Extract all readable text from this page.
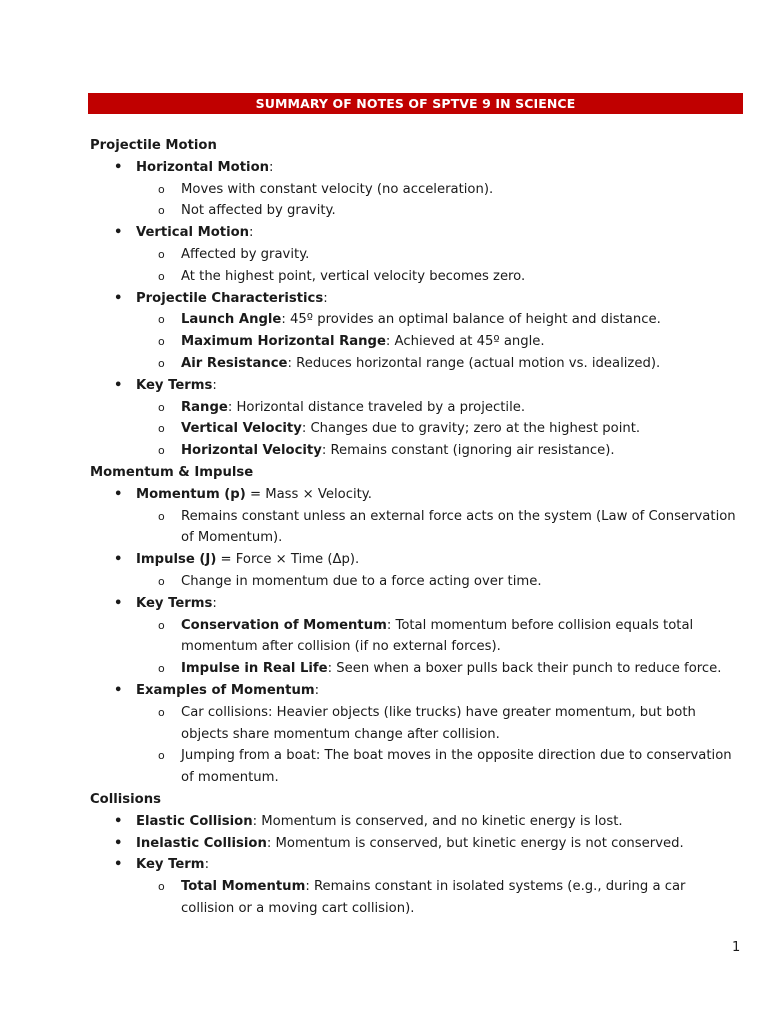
SUMMARY OF NOTES OF SPTVE 9 IN SCIENCE
Projectile Motion
• Horizontal Motion:
o Moves with constant velocity (no acceleration).
o Not affected by gravity.
• Vertical Motion:
o Affected by gravity.
o At the highest point, vertical velocity becomes zero.
• Projectile Characteristics:
o Launch Angle: 45º provides an optimal balance of height and distance.
o Maximum Horizontal Range: Achieved at 45º angle.
o Air Resistance: Reduces horizontal range (actual motion vs. idealized).
• Key Terms:
o Range: Horizontal distance traveled by a projectile.
o Vertical Velocity: Changes due to gravity; zero at the highest point.
o Horizontal Velocity: Remains constant (ignoring air resistance).
Momentum & Impulse
• Momentum (p) = Mass × Velocity.
o Remains constant unless an external force acts on the system (Law of Conservation of Momentum).
• Impulse (J) = Force × Time (Δp).
o Change in momentum due to a force acting over time.
• Key Terms:
o Conservation of Momentum: Total momentum before collision equals total momentum after collision (if no external forces).
o Impulse in Real Life: Seen when a boxer pulls back their punch to reduce force.
• Examples of Momentum:
o Car collisions: Heavier objects (like trucks) have greater momentum, but both objects share momentum change after collision.
o Jumping from a boat: The boat moves in the opposite direction due to conservation of momentum.
Collisions
• Elastic Collision: Momentum is conserved, and no kinetic energy is lost.
• Inelastic Collision: Momentum is conserved, but kinetic energy is not conserved.
• Key Term:
o Total Momentum: Remains constant in isolated systems (e.g., during a car collision or a moving cart collision).
1
